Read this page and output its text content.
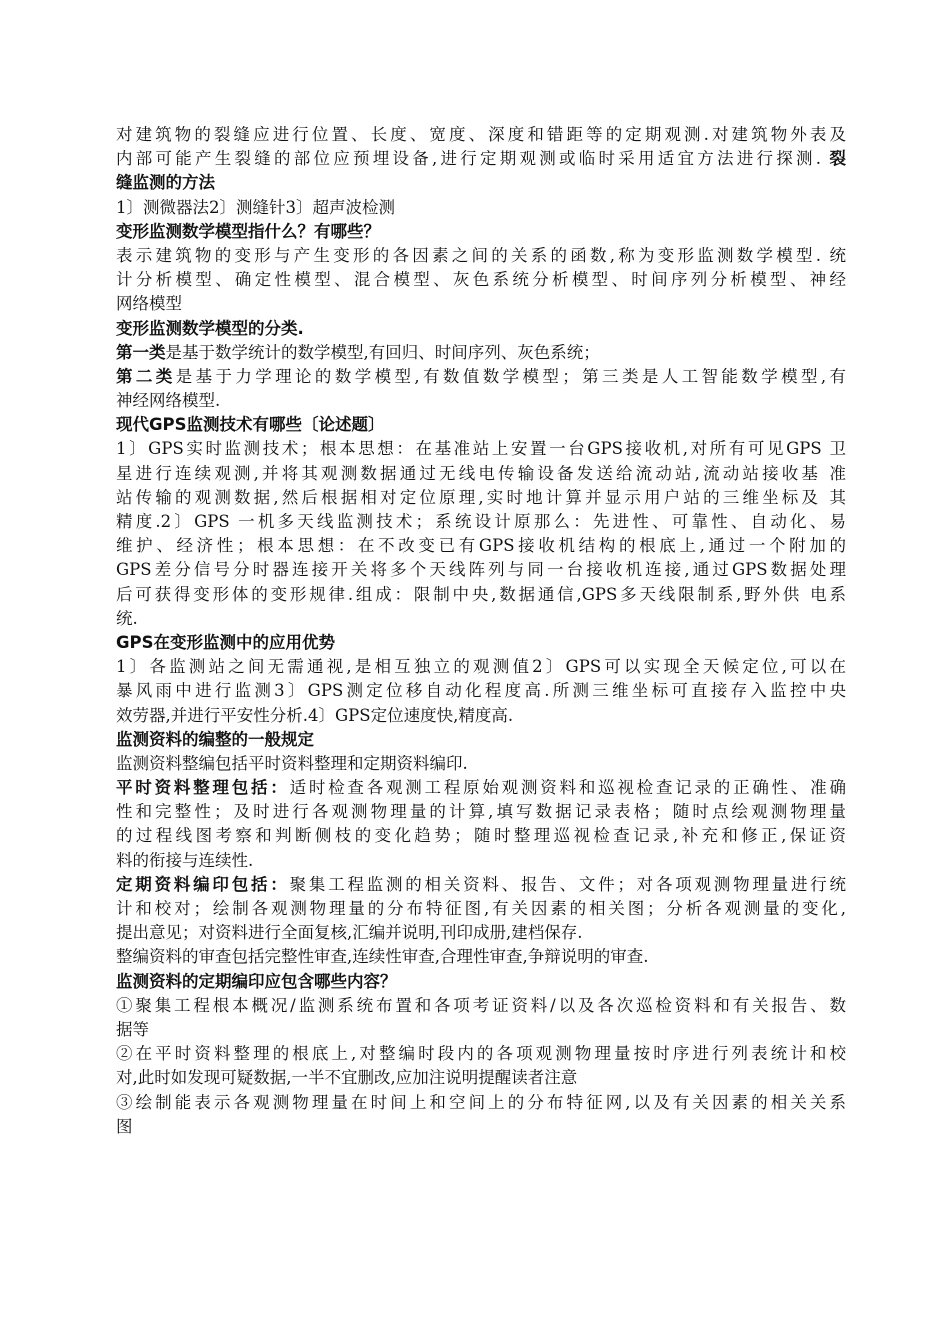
对建筑物的裂缝应进行位置、长度、宽度、深度和错距等的定期观测.对建筑物外表及
内部可能产生裂缝的部位应预埋设备,进行定期观测或临时采用适宜方法进行探测. 裂
缝监测的方法
1〕测微器法2〕测缝针3〕超声波检测
变形监测数学模型指什么？有哪些？
表示建筑物的变形与产生变形的各因素之间的关系的函数,称为变形监测数学模型. 统
计分析模型、确定性模型、混合模型、灰色系统分析模型、时间序列分析模型、神经
网络模型
变形监测数学模型的分类.
第一类是基于数学统计的数学模型,有回归、时间序列、灰色系统；
第二类是基于力学理论的数学模型,有数值数学模型；第三类是人工智能数学模型,有
神经网络模型.
现代GPS监测技术有哪些〔论述题〕
1〕GPS实时监测技术；根本思想：在基准站上安置一台GPS接收机,对所有可见GPS 卫
星进行连续观测,并将其观测数据通过无线电传输设备发送给流动站,流动站接收基 准
站传输的观测数据,然后根据相对定位原理,实时地计算并显示用户站的三维坐标及 其
精度.2〕GPS 一机多天线监测技术；系统设计原那么：先进性、可靠性、自动化、易
维护、经济性；根本思想：在不改变已有GPS接收机结构的根底上,通过一个附加的
GPS差分信号分时器连接开关将多个天线阵列与同一台接收机连接,通过GPS数据处理
后可获得变形体的变形规律.组成：限制中央,数据通信,GPS多天线限制系,野外供 电系
统.
GPS在变形监测中的应用优势
1〕各监测站之间无需通视,是相互独立的观测值2〕GPS可以实现全天候定位,可以在
暴风雨中进行监测3〕GPS测定位移自动化程度高.所测三维坐标可直接存入监控中央
效劳器,并进行平安性分析.4〕GPS定位速度快,精度高.
监测资料的编整的一般规定
监测资料整编包括平时资料整理和定期资料编印.
平时资料整理包括：适时检查各观测工程原始观测资料和巡视检查记录的正确性、准确
性和完整性；及时进行各观测物理量的计算,填写数据记录表格；随时点绘观测物理量
的过程线图考察和判断侧枝的变化趋势；随时整理巡视检查记录,补充和修正,保证资
料的衔接与连续性.
定期资料编印包括：聚集工程监测的相关资料、报告、文件；对各项观测物理量进行统
计和校对；绘制各观测物理量的分布特征图,有关因素的相关图；分析各观测量的变化,
提出意见；对资料进行全面复核,汇编并说明,刊印成册,建档保存.
整编资料的审查包括完整性审查,连续性审查,合理性审查,争辩说明的审查.
监测资料的定期编印应包含哪些内容？
①聚集工程根本概况/监测系统布置和各项考证资料/以及各次巡检资料和有关报告、数
据等
②在平时资料整理的根底上,对整编时段内的各项观测物理量按时序进行列表统计和校
对,此时如发现可疑数据,一半不宜删改,应加注说明提醒读者注意
③绘制能表示各观测物理量在时间上和空间上的分布特征网,以及有关因素的相关关系
图
